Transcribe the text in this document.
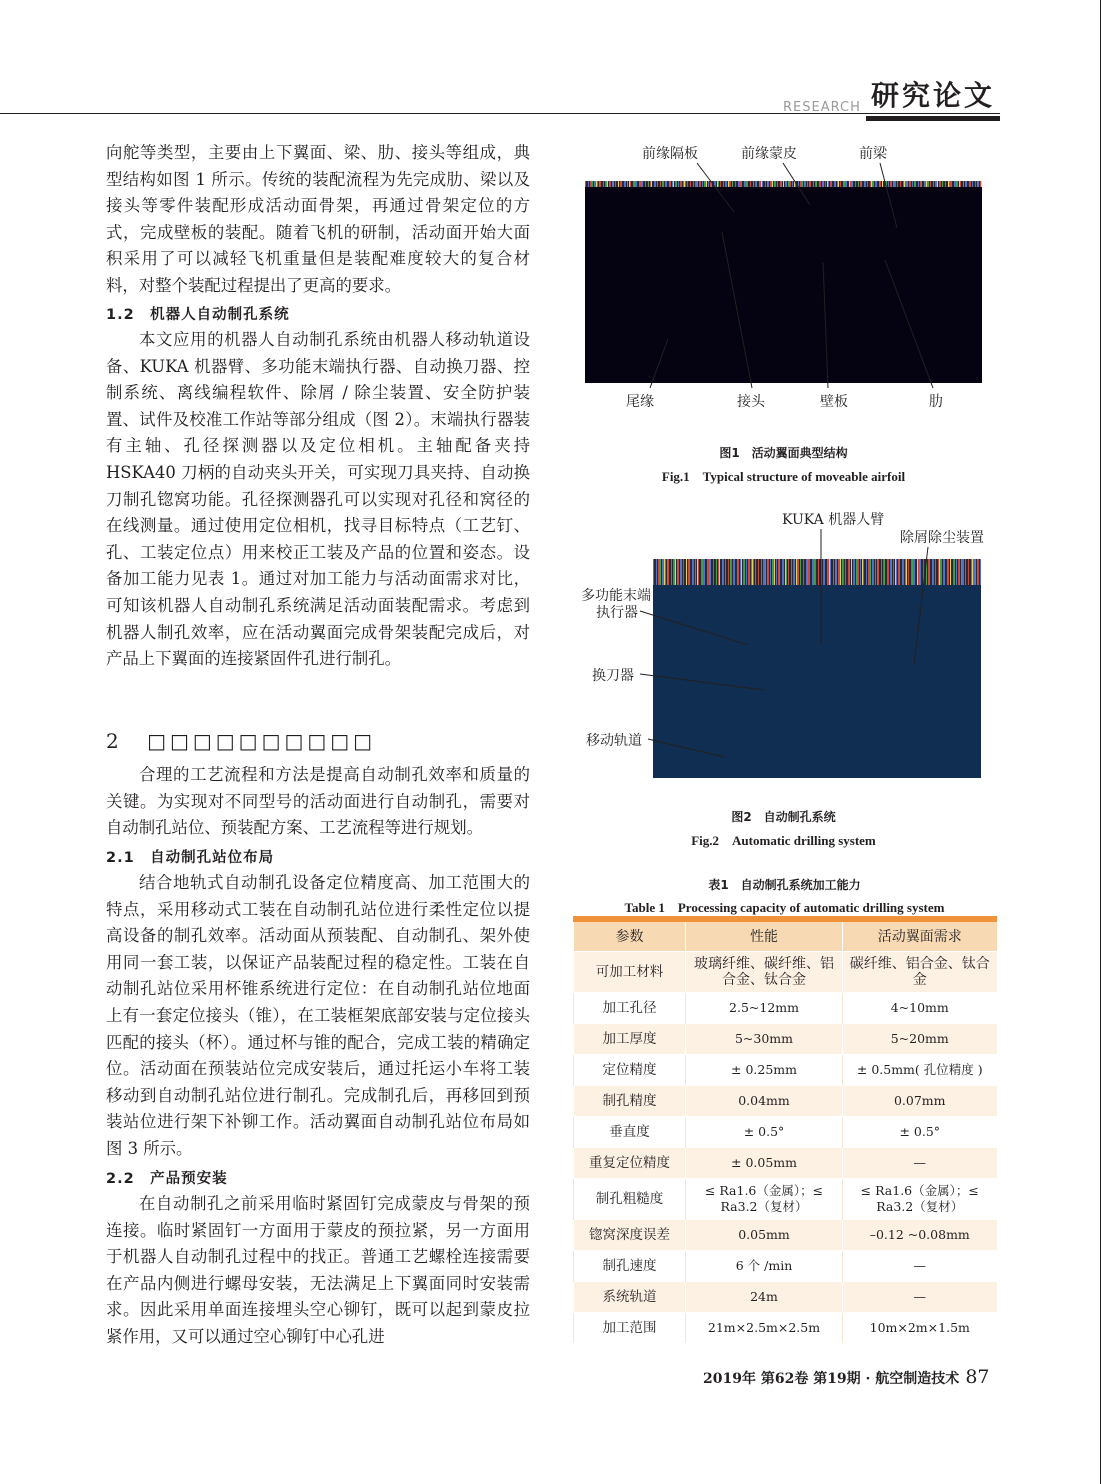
RESEARCH 研究论文

向舵等类型，主要由上下翼面、梁、肋、接头等组成，典型结构如图 1 所示。传统的装配流程为先完成肋、梁以及接头等零件装配形成活动面骨架，再通过骨架定位的方式，完成壁板的装配。随着飞机的研制，活动面开始大面积采用了可以减轻飞机重量但是装配难度较大的复合材料，对整个装配过程提出了更高的要求。

1.2　机器人自动制孔系统

本文应用的机器人自动制孔系统由机器人移动轨道设备、KUKA 机器臂、多功能末端执行器、自动换刀器、控制系统、离线编程软件、除屑 / 除尘装置、安全防护装置、试件及校准工作站等部分组成（图 2）。末端执行器装有主轴、孔径探测器以及定位相机。主轴配备夹持 HSKA40 刀柄的自动夹头开关，可实现刀具夹持、自动换刀制孔锪窝功能。孔径探测器孔可以实现对孔径和窝径的在线测量。通过使用定位相机，找寻目标特点（工艺钉、孔、工装定位点）用来校正工装及产品的位置和姿态。设备加工能力见表 1。通过对加工能力与活动面需求对比，可知该机器人自动制孔系统满足活动面装配需求。考虑到机器人制孔效率，应在活动翼面完成骨架装配完成后，对产品上下翼面的连接紧固件孔进行制孔。

2 □□□□□□□□□□

合理的工艺流程和方法是提高自动制孔效率和质量的关键。为实现对不同型号的活动面进行自动制孔，需要对自动制孔站位、预装配方案、工艺流程等进行规划。

2.1　自动制孔站位布局

结合地轨式自动制孔设备定位精度高、加工范围大的特点，采用移动式工装在自动制孔站位进行柔性定位以提高设备的制孔效率。活动面从预装配、自动制孔、架外使用同一套工装，以保证产品装配过程的稳定性。工装在自动制孔站位采用杯锥系统进行定位：在自动制孔站位地面上有一套定位接头（锥），在工装框架底部安装与定位接头匹配的接头（杯）。通过杯与锥的配合，完成工装的精确定位。活动面在预装站位完成安装后，通过托运小车将工装移动到自动制孔站位进行制孔。完成制孔后，再移回到预装站位进行架下补铆工作。活动翼面自动制孔站位布局如图 3 所示。

2.2　产品预安装

在自动制孔之前采用临时紧固钉完成蒙皮与骨架的预连接。临时紧固钉一方面用于蒙皮的预拉紧，另一方面用于机器人自动制孔过程中的找正。普通工艺螺栓连接需要在产品内侧进行螺母安装，无法满足上下翼面同时安装需求。因此采用单面连接埋头空心铆钉，既可以起到蒙皮拉紧作用，又可以通过空心铆钉中心孔进

前缘隔板	前缘蒙皮	前梁
尾缘	接头	壁板	肋
图1　活动翼面典型结构
Fig.1　Typical structure of moveable airfoil
KUKA 机器人臂
除屑除尘装置
多功能末端
执行器
换刀器
移动轨道
图2　自动制孔系统
Fig.2　Automatic drilling system
表1　自动制孔系统加工能力
Table 1　Processing capacity of automatic drilling system
参数	性能	活动翼面需求
可加工材料	玻璃纤维、碳纤维、铝合金、钛合金	碳纤维、铝合金、钛合金
加工孔径	2.5~12mm	4~10mm
加工厚度	5~30mm	5~20mm
定位精度	± 0.25mm	± 0.5mm( 孔位精度 )
制孔精度	0.04mm	0.07mm
垂直度	± 0.5°	± 0.5°
重复定位精度	± 0.05mm	—
制孔粗糙度	≤ Ra1.6（金属）；≤ Ra3.2（复材）	≤ Ra1.6（金属）；≤ Ra3.2（复材）
锪窝深度误差	0.05mm	–0.12 ~0.08mm
制孔速度	6 个 /min	—
系统轨道	24m	—
加工范围	21m×2.5m×2.5m	10m×2m×1.5m
2019年 第62卷 第19期 · 航空制造技术 87
